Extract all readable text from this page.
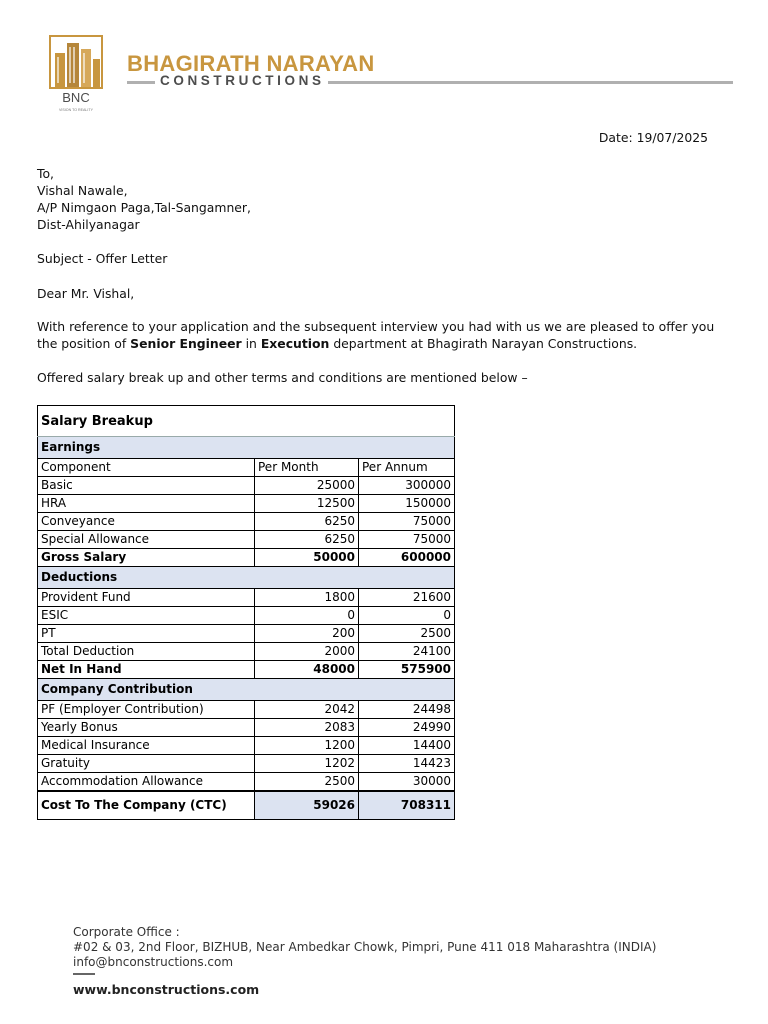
BNC
VISION TO REALITY
BHAGIRATH NARAYAN
CONSTRUCTIONS
Date: 19/07/2025
To,
Vishal Nawale,
A/P Nimgaon Paga,Tal-Sangamner,
Dist-Ahilyanagar
Subject - Offer Letter
Dear Mr. Vishal,
With reference to your application and the subsequent interview you had with us we are pleased to offer you the position of Senior Engineer in Execution department at Bhagirath Narayan Constructions.
Offered salary break up and other terms and conditions are mentioned below –
Salary Breakup		
Earnings		
Component	Per Month	Per Annum
Basic	25000	300000
HRA	12500	150000
Conveyance	6250	75000
Special Allowance	6250	75000
Gross Salary	50000	600000
Deductions		
Provident Fund	1800	21600
ESIC	0	0
PT	200	2500
Total Deduction	2000	24100
Net In Hand	48000	575900
Company Contribution		
PF (Employer Contribution)	2042	24498
Yearly Bonus	2083	24990
Medical Insurance	1200	14400
Gratuity	1202	14423
Accommodation Allowance	2500	30000
Cost To The Company (CTC)	59026	708311
Corporate Office :
#02 & 03, 2nd Floor, BIZHUB, Near Ambedkar Chowk, Pimpri, Pune 411 018 Maharashtra (INDIA)
info@bnconstructions.com
www.bnconstructions.com
